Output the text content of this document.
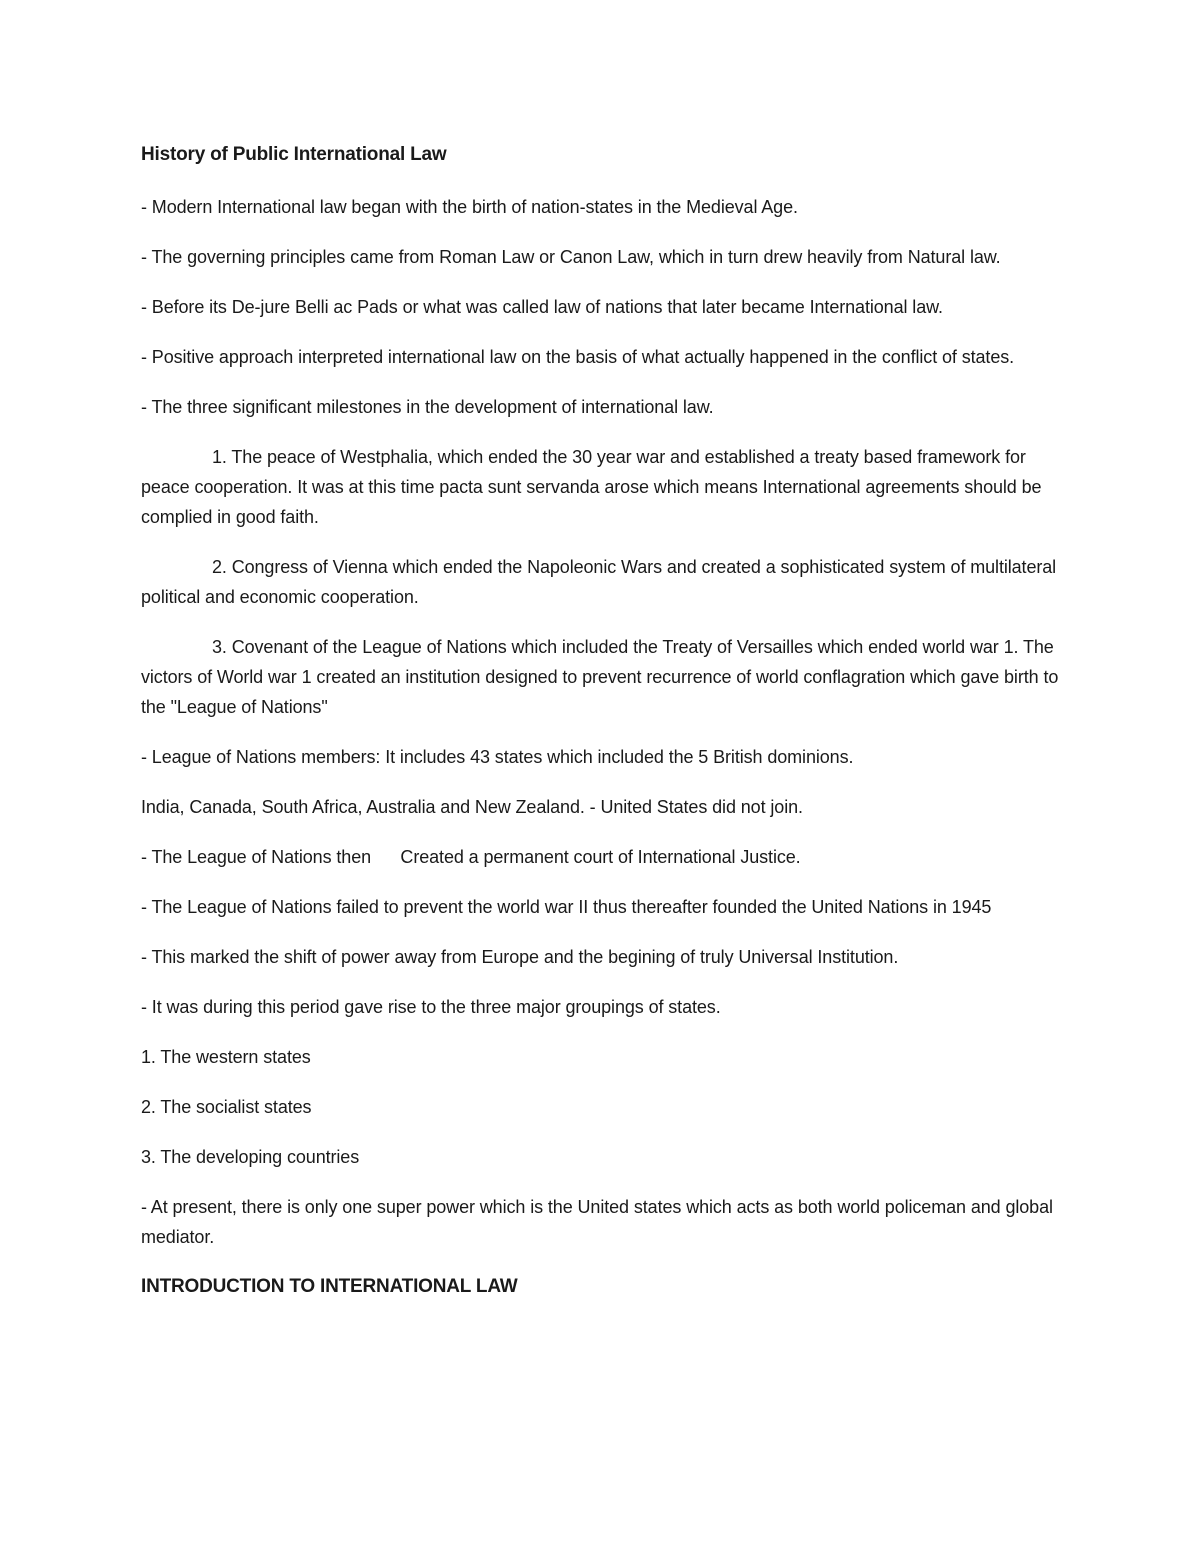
History of Public International Law

- Modern International law began with the birth of nation-states in the Medieval Age.

- The governing principles came from Roman Law or Canon Law, which in turn drew heavily from Natural law.

- Before its De-jure Belli ac Pads or what was called law of nations that later became International law.

- Positive approach interpreted international law on the basis of what actually happened in the conflict of states.

- The three significant milestones in the development of international law.

1. The peace of Westphalia, which ended the 30 year war and established a treaty based framework for peace cooperation. It was at this time pacta sunt servanda arose which means International agreements should be complied in good faith.

2. Congress of Vienna which ended the Napoleonic Wars and created a sophisticated system of multilateral political and economic cooperation.

3. Covenant of the League of Nations which included the Treaty of Versailles which ended world war 1. The victors of World war 1 created an institution designed to prevent recurrence of world conflagration which gave birth to the "League of Nations"

- League of Nations members: It includes 43 states which included the 5 British dominions.

India, Canada, South Africa, Australia and New Zealand. - United States did not join.

- The League of Nations then      Created a permanent court of International Justice.

- The League of Nations failed to prevent the world war II thus thereafter founded the United Nations in 1945

- This marked the shift of power away from Europe and the begining of truly Universal Institution.

- It was during this period gave rise to the three major groupings of states.

1. The western states

2. The socialist states

3. The developing countries

- At present, there is only one super power which is the United states which acts as both world policeman and global mediator.

INTRODUCTION TO INTERNATIONAL LAW
